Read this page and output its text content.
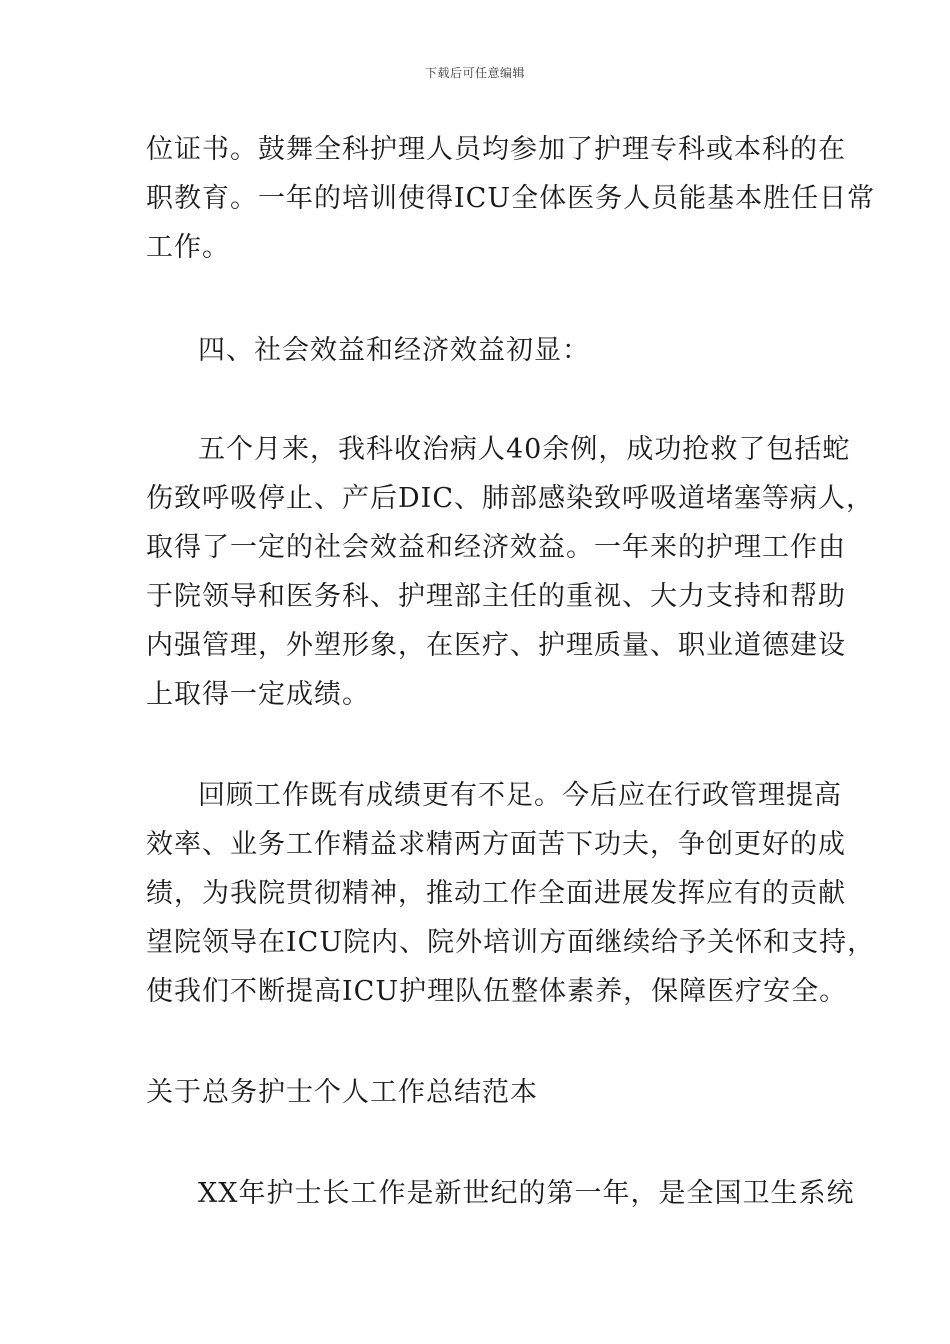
下载后可任意编辑
位证书。鼓舞全科护理人员均参加了护理专科或本科的在
职教育。一年的培训使得ICU全体医务人员能基本胜任日常
工作。
四、社会效益和经济效益初显：
五个月来，我科收治病人40余例，成功抢救了包括蛇
伤致呼吸停止、产后DIC、肺部感染致呼吸道堵塞等病人，
取得了一定的社会效益和经济效益。一年来的护理工作由
于院领导和医务科、护理部主任的重视、大力支持和帮助
内强管理，外塑形象，在医疗、护理质量、职业道德建设
上取得一定成绩。
回顾工作既有成绩更有不足。今后应在行政管理提高
效率、业务工作精益求精两方面苦下功夫，争创更好的成
绩，为我院贯彻精神，推动工作全面进展发挥应有的贡献
望院领导在ICU院内、院外培训方面继续给予关怀和支持，
使我们不断提高ICU护理队伍整体素养，保障医疗安全。
关于总务护士个人工作总结范本
XX年护士长工作是新世纪的第一年，是全国卫生系统
